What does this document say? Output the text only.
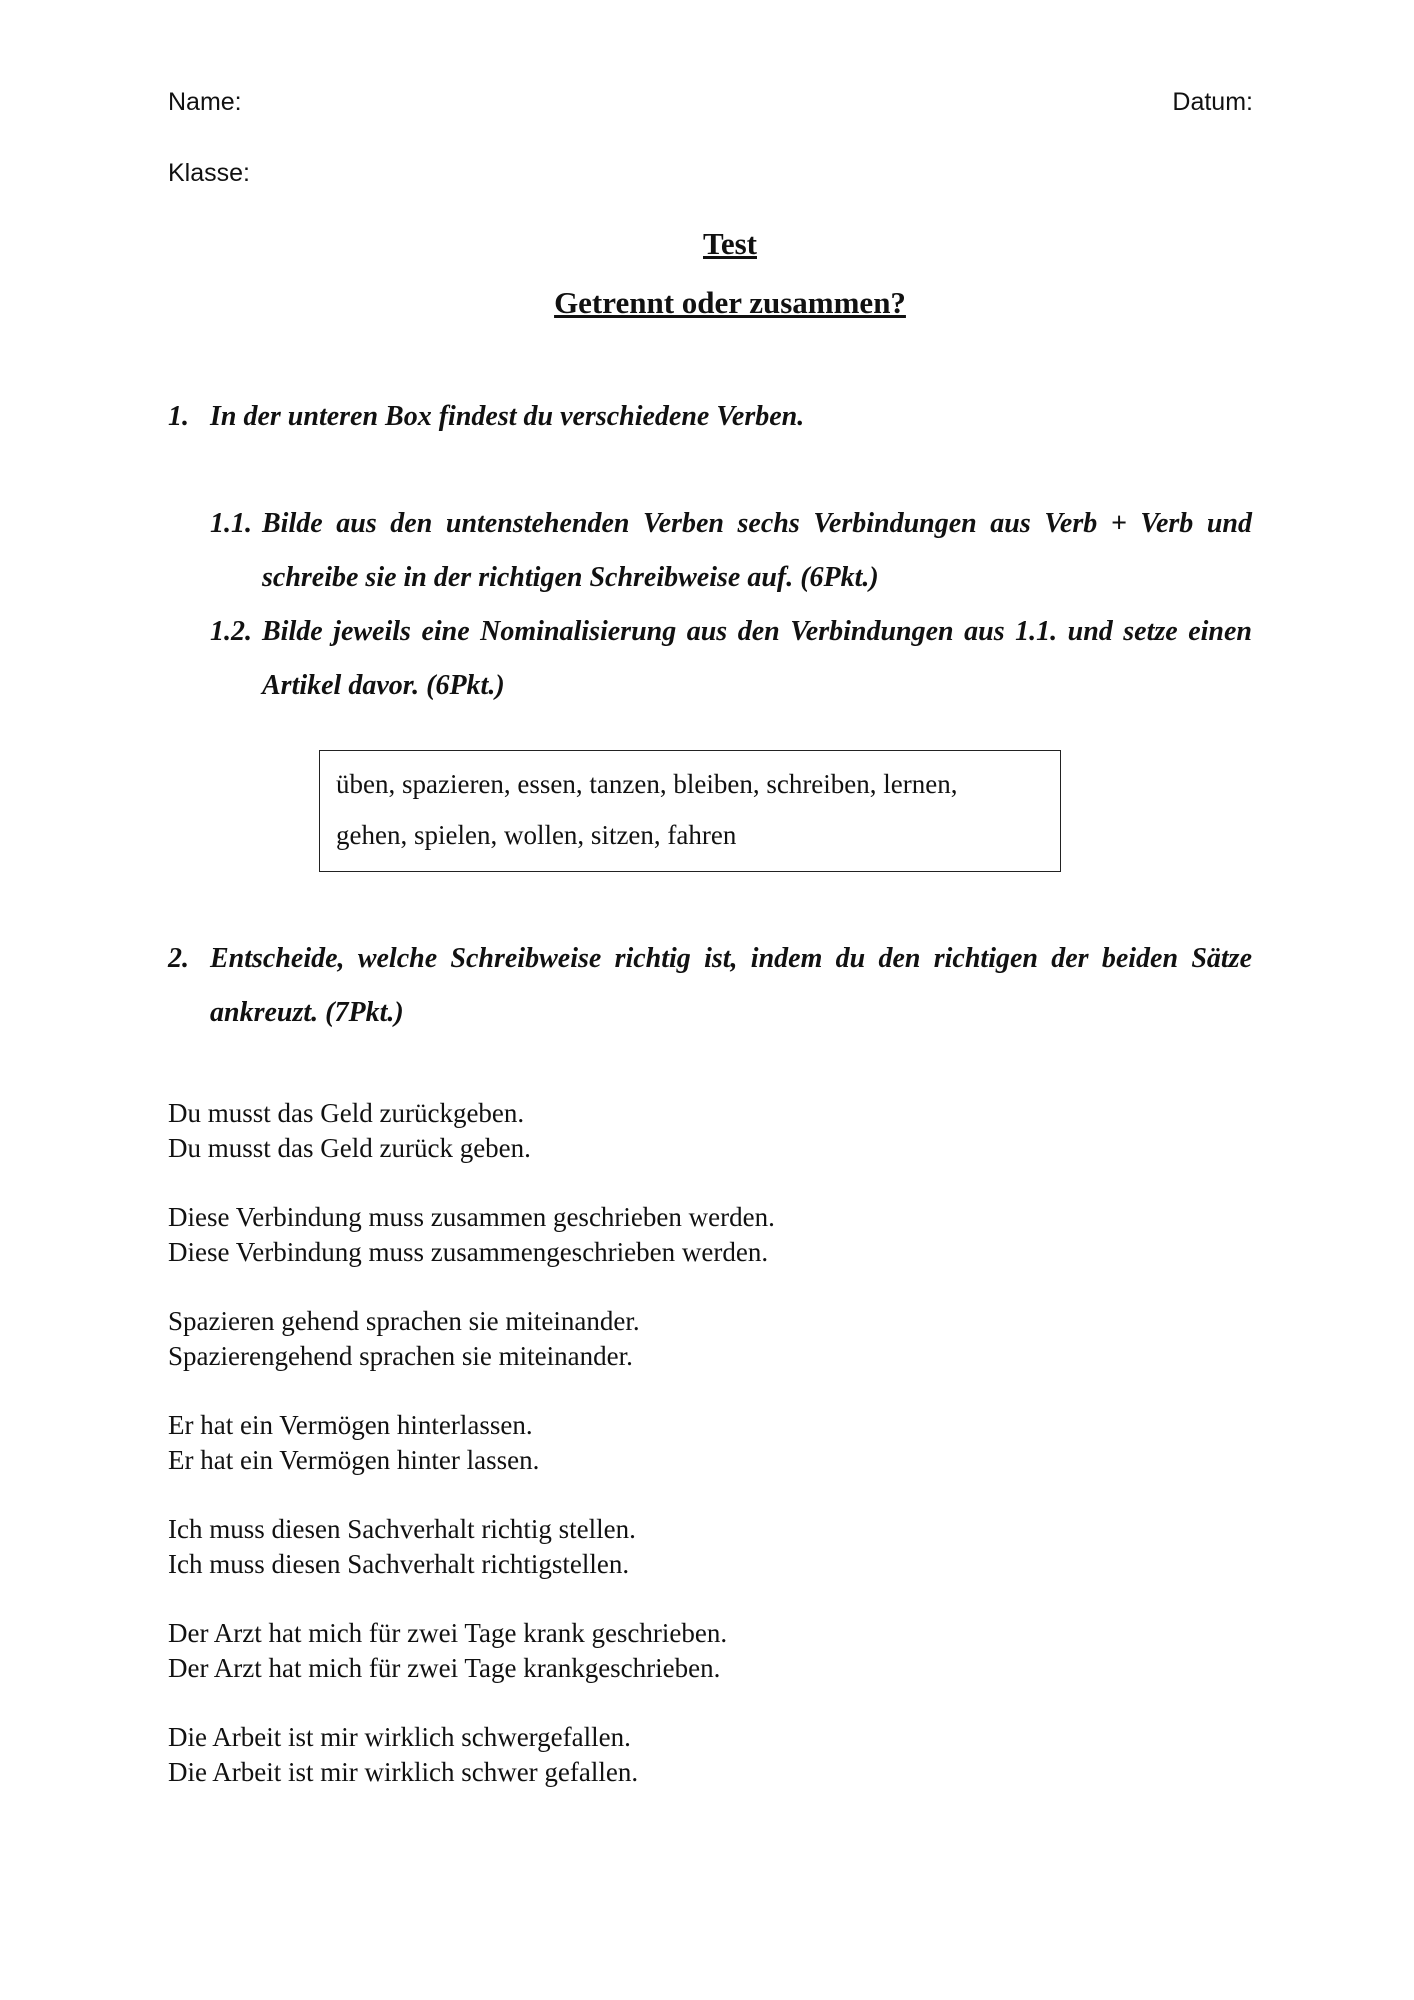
Name:	Datum:
Klasse:
Test
Getrennt oder zusammen?
1. In der unteren Box findest du verschiedene Verben.
1.1. Bilde aus den untenstehenden Verben sechs Verbindungen aus Verb + Verb und schreibe sie in der richtigen Schreibweise auf. (6Pkt.)
1.2. Bilde jeweils eine Nominalisierung aus den Verbindungen aus 1.1. und setze einen Artikel davor. (6Pkt.)
üben, spazieren, essen, tanzen, bleiben, schreiben, lernen,
gehen, spielen, wollen, sitzen, fahren
2. Entscheide, welche Schreibweise richtig ist, indem du den richtigen der beiden Sätze ankreuzt. (7Pkt.)
Du musst das Geld zurückgeben.
Du musst das Geld zurück geben.
Diese Verbindung muss zusammen geschrieben werden.
Diese Verbindung muss zusammengeschrieben werden.
Spazieren gehend sprachen sie miteinander.
Spazierengehend sprachen sie miteinander.
Er hat ein Vermögen hinterlassen.
Er hat ein Vermögen hinter lassen.
Ich muss diesen Sachverhalt richtig stellen.
Ich muss diesen Sachverhalt richtigstellen.
Der Arzt hat mich für zwei Tage krank geschrieben.
Der Arzt hat mich für zwei Tage krankgeschrieben.
Die Arbeit ist mir wirklich schwergefallen.
Die Arbeit ist mir wirklich schwer gefallen.
